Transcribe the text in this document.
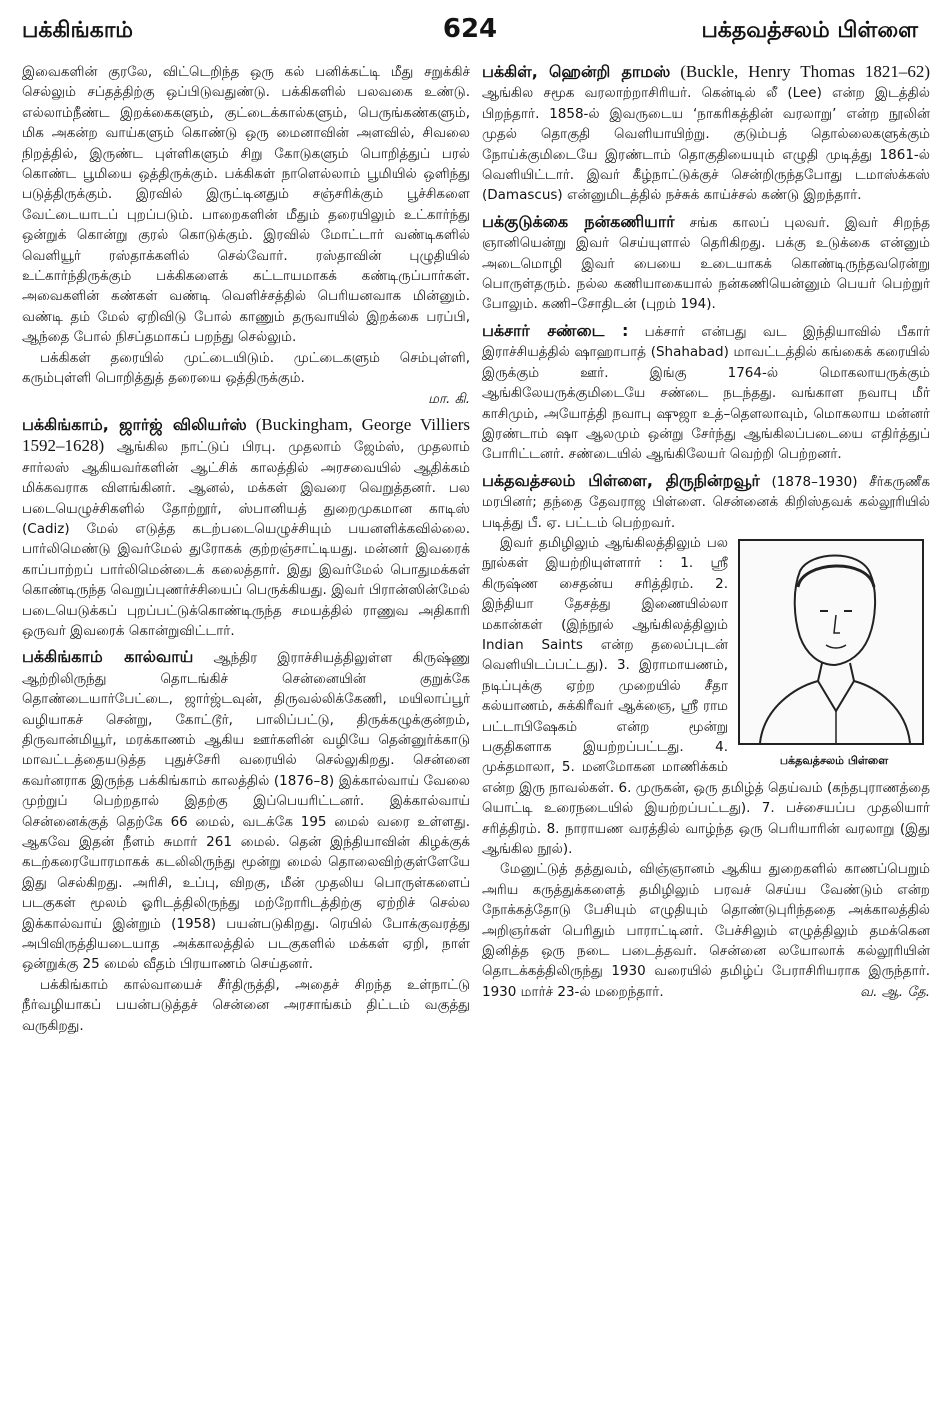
பக்கிங்காம்	624	பக்தவத்சலம் பிள்ளை

இவைகளின் குரலே, விட்டெறிந்த ஒரு கல் பனிக்கட்டி மீது சறுக்கிச் செல்லும் சப்தத்திற்கு ஒப்பிடுவதுண்டு. பக்கிகளில் பலவகை உண்டு. எல்லாம்நீண்ட இறக்கைகளும், குட்டைக்கால்களும், பெருங்கண்களும், மிக அகன்ற வாய்களும் கொண்டு ஒரு மைனாவின் அளவில், சிவலை நிறத்தில், இருண்ட புள்ளிகளும் சிறு கோடுகளும் பொறித்துப் பரல் கொண்ட பூமியை ஒத்திருக்கும். பக்கிகள் நாளெல்லாம் பூமியில் ஒளிந்து படுத்திருக்கும். இரவில் இருட்டினதும் சஞ்சரிக்கும் பூச்சிகளை வேட்டையாடப் புறப்படும். பாறைகளின் மீதும் தரையிலும் உட்கார்ந்து ஒன்றுக் கொன்று குரல் கொடுக்கும். இரவில் மோட்டார் வண்டிகளில் வெளியூர் ரஸ்தாக்களில் செல்வோர். ரஸ்தாவின் புழுதியில் உட்கார்ந்திருக்கும் பக்கிகளைக் கட்டாயமாகக் கண்டிருப்பார்கள். அவைகளின் கண்கள் வண்டி வெளிச்சத்தில் பெரியனவாக மின்னும். வண்டி தம் மேல் ஏறிவிடு போல் காணும் தருவாயில் இறக்கை பரப்பி, ஆந்தை போல் நிசப்தமாகப் பறந்து செல்லும்.

பக்கிகள் தரையில் முட்டையிடும். முட்டைகளும் செம்புள்ளி, கரும்புள்ளி பொறித்துத் தரையை ஒத்திருக்கும்.
மா. கி.

பக்கிங்காம், ஜார்ஜ் விலியர்ஸ் (Buckingham, George Villiers 1592–1628) ஆங்கில நாட்டுப் பிரபு. முதலாம் ஜேம்ஸ், முதலாம் சார்லஸ் ஆகியவர்களின் ஆட்சிக் காலத்தில் அரசவையில் ஆதிக்கம் மிக்கவராக விளங்கினர். ஆனல், மக்கள் இவரை வெறுத்தனர். பல படையெழுச்சிகளில் தோற்றூர், ஸ்பானியத் துறைமுகமான காடிஸ் (Cadiz) மேல் எடுத்த கடற்படையெழுச்சியும் பயனளிக்கவில்லை. பார்லிமெண்டு இவர்மேல் துரோகக் குற்றஞ்சாட்டியது. மன்னர் இவரைக் காப்பாற்றப் பார்லிமென்டைக் கலைத்தார். இது இவர்மேல் பொதுமக்கள் கொண்டிருந்த வெறுப்புணர்ச்சியைப் பெருக்கியது. இவர் பிரான்ஸின்மேல் படையெடுக்கப் புறப்பட்டுக்கொண்டிருந்த சமயத்தில் ராணுவ அதிகாரி ஒருவர் இவரைக் கொன்றுவிட்டார்.

பக்கிங்காம் கால்வாய் ஆந்திர இராச்சியத்திலுள்ள கிருஷ்ணு ஆற்றிலிருந்து தொடங்கிச் சென்னையின் குறுக்கே தொண்டையார்பேட்டை, ஜார்ஜ்டவுன், திருவல்லிக்கேணி, மயிலாப்பூர் வழியாகச் சென்று, கோட்டூர், பாலிப்பட்டு, திருக்கழுக்குன்றம், திருவான்மியூர், மரக்காணம் ஆகிய ஊர்களின் வழியே தென்னுர்க்காடு மாவட்டத்தையடுத்த புதுச்சேரி வரையில் செல்லுகிறது. சென்னை கவர்னராக இருந்த பக்கிங்காம் காலத்தில் (1876–8) இக்கால்வாய் வேலை முற்றுப் பெற்றதால் இதற்கு இப்பெயரிட்டனர். இக்கால்வாய் சென்னைக்குத் தெற்கே 66 மைல், வடக்கே 195 மைல் வரை உள்ளது. ஆகவே இதன் நீளம் சுமார் 261 மைல். தென் இந்தியாவின் கிழக்குக் கடற்கரையோரமாகக் கடலிலிருந்து மூன்று மைல் தொலைவிற்குள்ளேயே இது செல்கிறது. அரிசி, உப்பு, விறகு, மீன் முதலிய பொருள்களைப் படகுகள் மூலம் ஓரிடத்திலிருந்து மற்றோரிடத்திற்கு ஏற்றிச் செல்ல இக்கால்வாய் இன்றும் (1958) பயன்படுகிறது. ரெயில் போக்குவரத்து அபிவிருத்தியடையாத அக்காலத்தில் படகுகளில் மக்கள் ஏறி, நாள் ஒன்றுக்கு 25 மைல் வீதம் பிரயாணம் செய்தனர்.

பக்கிங்காம் கால்வாயைச் சீர்திருத்தி, அதைச் சிறந்த உள்நாட்டு நீர்வழியாகப் பயன்படுத்தச் சென்னை அரசாங்கம் திட்டம் வகுத்து வருகிறது.

பக்கிள், ஹென்றி தாமஸ் (Buckle, Henry Thomas 1821–62) ஆங்கில சமூக வரலாற்றாசிரியர். கென்டில் லீ (Lee) என்ற இடத்தில் பிறந்தார். 1858-ல் இவருடைய ‘நாகரிகத்தின் வரலாறு’ என்ற நூலின் முதல் தொகுதி வெளியாயிற்று. குடும்பத் தொல்லைகளுக்கும் நோய்க்குமிடையே இரண்டாம் தொகுதியையும் எழுதி முடித்து 1861-ல் வெளியிட்டார். இவர் கீழ்நாட்டுக்குச் சென்றிருந்தபோது டமாஸ்க்கஸ் (Damascus) என்னுமிடத்தில் நச்சுக் காய்ச்சல் கண்டு இறந்தார்.

பக்குடுக்கை நன்கணியார் சங்க காலப் புலவர். இவர் சிறந்த ஞானியென்று இவர் செய்யுளால் தெரிகிறது. பக்கு உடுக்கை என்னும் அடைமொழி இவர் பையை உடையாகக் கொண்டிருந்தவரென்று பொருள்தரும். நல்ல கணியாகையால் நன்கணியென்னும் பெயர் பெற்றுர் போலும். கணி–சோதிடன் (புறம் 194).

பக்சார் சண்டை : பக்சார் என்பது வட இந்தியாவில் பீகார் இராச்சியத்தில் ஷாஹாபாத் (Shahabad) மாவட்டத்தில் கங்கைக் கரையில் இருக்கும் ஊர். இங்கு 1764-ல் மொகலாயருக்கும் ஆங்கிலேயருக்குமிடையே சண்டை நடந்தது. வங்காள நவாபு மீர் காசிமும், அயோத்தி நவாபு ஷுஜா உத்–தௌலாவும், மொகலாய மன்னர் இரண்டாம் ஷா ஆலமும் ஒன்று சேர்ந்து ஆங்கிலப்படையை எதிர்த்துப் போரிட்டனர். சண்டையில் ஆங்கிலேயர் வெற்றி பெற்றனர்.

பக்தவத்சலம் பிள்ளை, திருநின்றவூர் (1878–1930) சீர்கருணீக மரபினர்; தந்தை தேவராஜ பிள்ளை. சென்னைக் கிறிஸ்தவக் கல்லூரியில் படித்து பீ. ஏ. பட்டம் பெற்றவர்.

பக்தவத்சலம் பிள்ளை

இவர் தமிழிலும் ஆங்கிலத்திலும் பல நூல்கள் இயற்றியுள்ளார் : 1. ஸ்ரீ கிருஷ்ண சைதன்ய சரித்திரம். 2. இந்தியா தேசத்து இணையில்லா மகான்கள் (இந்நூல் ஆங்கிலத்திலும் Indian Saints என்ற தலைப்புடன் வெளியிடப்பட்டது). 3. இராமாயணம், நடிப்புக்கு ஏற்ற முறையில் சீதா கல்யாணம், சுக்கிரீவர் ஆக்ஞை, ஸ்ரீ ராம பட்டாபிஷேகம் என்ற மூன்று பகுதிகளாக இயற்றப்பட்டது. 4. முக்தமாலா, 5. மனமோகன மாணிக்கம் என்ற இரு நாவல்கள். 6. முருகன், ஒரு தமிழ்த் தெய்வம் (கந்தபுராணத்தை யொட்டி உரைநடையில் இயற்றப்பட்டது). 7. பச்சையப்ப முதலியார் சரித்திரம். 8. நாராயண வரத்தில் வாழ்ந்த ஒரு பெரியாரின் வரலாறு (இது ஆங்கில நூல்).

மேனுட்டுத் தத்துவம், விஞ்ஞானம் ஆகிய துறைகளில் காணப்பெறும் அரிய கருத்துக்களைத் தமிழிலும் பரவச் செய்ய வேண்டும் என்ற நோக்கத்தோடு பேசியும் எழுதியும் தொண்டுபுரிந்ததை அக்காலத்தில் அறிஞர்கள் பெரிதும் பாராட்டினர். பேச்சிலும் எழுத்திலும் தமக்கென இனித்த ஒரு நடை படைத்தவர். சென்னை லயோலாக் கல்லூரியின் தொடக்கத்திலிருந்து 1930 வரையில் தமிழ்ப் பேராசிரியராக இருந்தார். 1930 மார்ச் 23-ல் மறைந்தார்.	வ. ஆ. தே.
